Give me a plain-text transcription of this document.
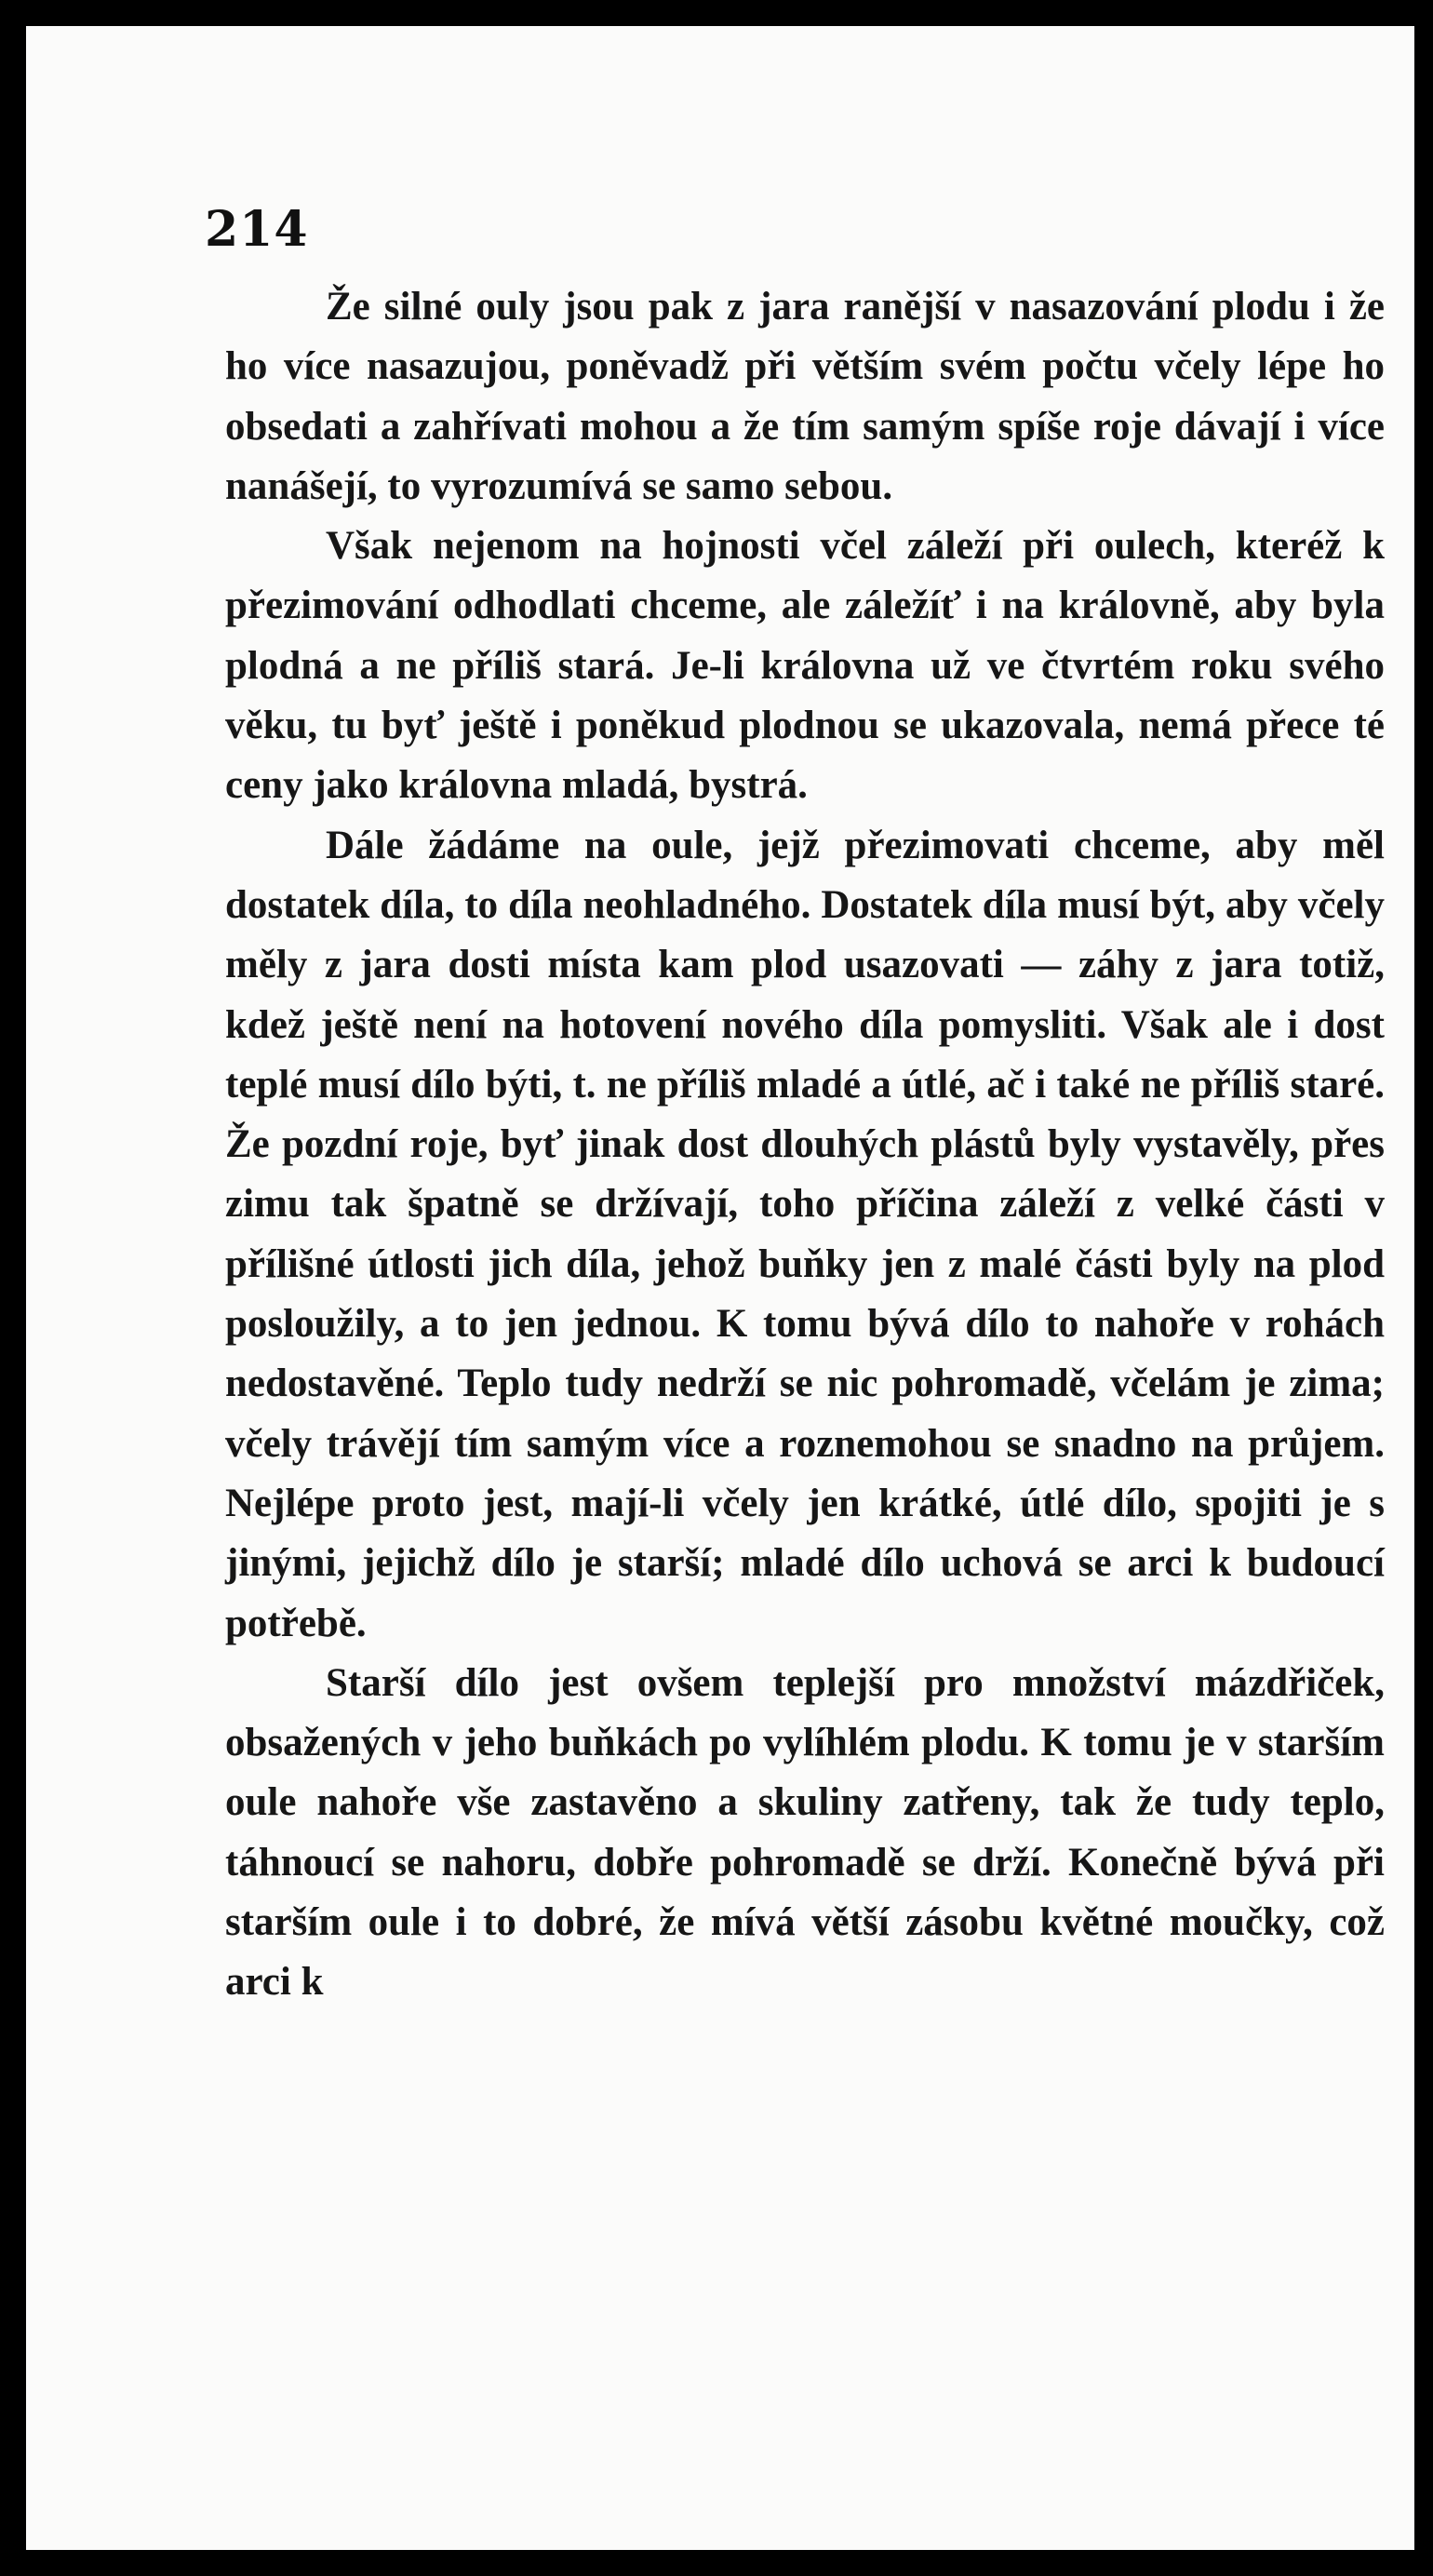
214

Že silné ouly jsou pak z jara ranější v nasazování plodu i že ho více nasazujou, poněvadž při větším svém počtu včely lépe ho obsedati a zahřívati mohou a že tím samým spíše roje dávají i více nanášejí, to vyrozumívá se samo sebou.

Však nejenom na hojnosti včel záleží při oulech, kteréž k přezimování odhodlati chceme, ale záležíť i na královně, aby byla plodná a ne příliš stará. Je-li královna už ve čtvrtém roku svého věku, tu byť ještě i poněkud plodnou se ukazovala, nemá přece té ceny jako královna mladá, bystrá.

Dále žádáme na oule, jejž přezimovati chceme, aby měl dostatek díla, to díla neohladného. Dostatek díla musí být, aby včely měly z jara dosti místa kam plod usazovati — záhy z jara totiž, kdež ještě není na hotovení nového díla pomysliti. Však ale i dost teplé musí dílo býti, t. ne příliš mladé a útlé, ač i také ne příliš staré. Že pozdní roje, byť jinak dost dlouhých plástů byly vystavěly, přes zimu tak špatně se držívají, toho příčina záleží z velké části v přílišné útlosti jich díla, jehož buňky jen z malé části byly na plod posloužily, a to jen jednou. K tomu bývá dílo to nahoře v rohách nedostavěné. Teplo tudy nedrží se nic pohromadě, včelám je zima; včely trávějí tím samým více a roznemohou se snadno na průjem. Nejlépe proto jest, mají-li včely jen krátké, útlé dílo, spojiti je s jinými, jejichž dílo je starší; mladé dílo uchová se arci k budoucí potřebě.

Starší dílo jest ovšem teplejší pro množství mázdřiček, obsažených v jeho buňkách po vylíhlém plodu. K tomu je v starším oule nahoře vše zastavěno a skuliny zatřeny, tak že tudy teplo, táhnoucí se nahoru, dobře pohromadě se drží. Konečně bývá při starším oule i to dobré, že mívá větší zásobu květné moučky, což arci k
